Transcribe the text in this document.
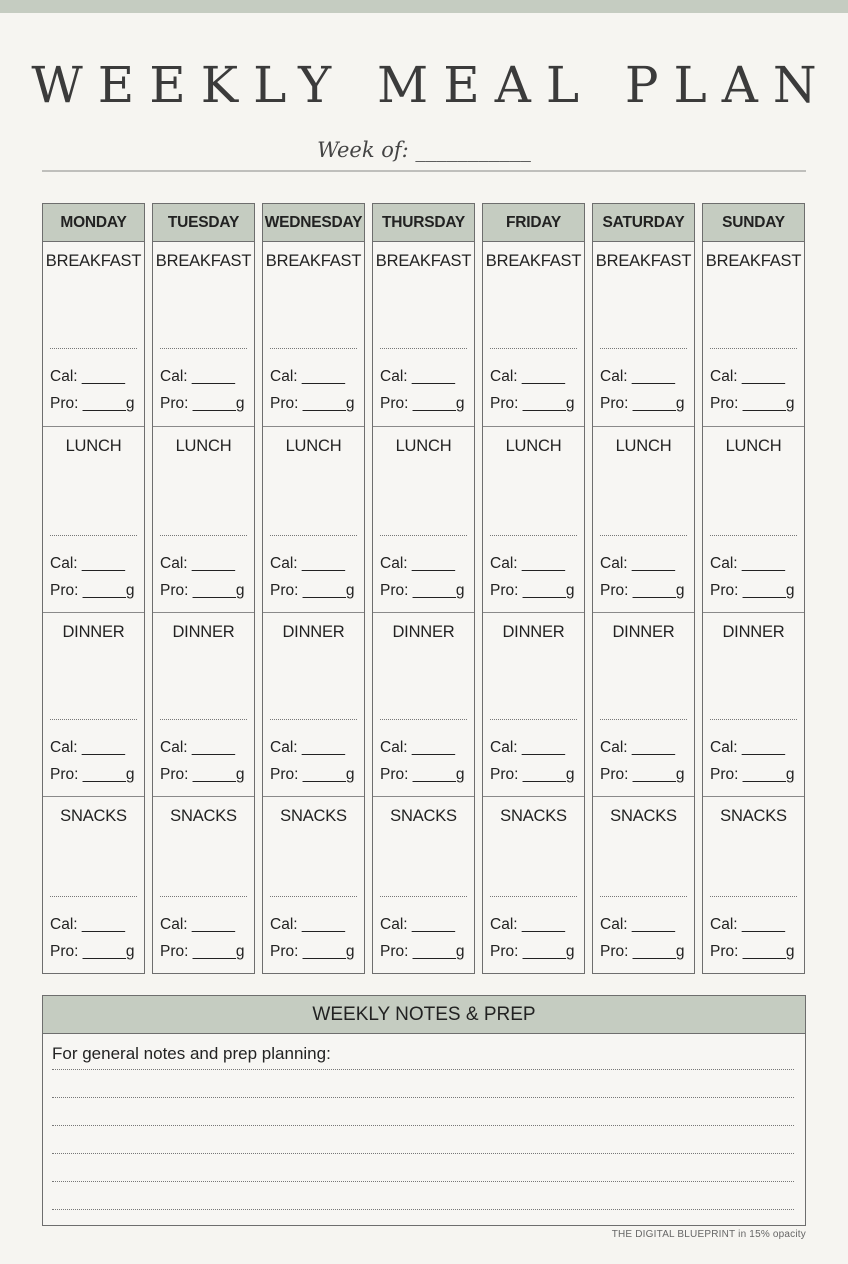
WEEKLY MEAL PLAN
Week of: ___________
MONDAY
BREAKFAST
Cal: _____
Pro: _____g
LUNCH
Cal: _____
Pro: _____g
DINNER
Cal: _____
Pro: _____g
SNACKS
Cal: _____
Pro: _____g
TUESDAY
BREAKFAST
Cal: _____
Pro: _____g
LUNCH
Cal: _____
Pro: _____g
DINNER
Cal: _____
Pro: _____g
SNACKS
Cal: _____
Pro: _____g
WEDNESDAY
BREAKFAST
Cal: _____
Pro: _____g
LUNCH
Cal: _____
Pro: _____g
DINNER
Cal: _____
Pro: _____g
SNACKS
Cal: _____
Pro: _____g
THURSDAY
BREAKFAST
Cal: _____
Pro: _____g
LUNCH
Cal: _____
Pro: _____g
DINNER
Cal: _____
Pro: _____g
SNACKS
Cal: _____
Pro: _____g
FRIDAY
BREAKFAST
Cal: _____
Pro: _____g
LUNCH
Cal: _____
Pro: _____g
DINNER
Cal: _____
Pro: _____g
SNACKS
Cal: _____
Pro: _____g
SATURDAY
BREAKFAST
Cal: _____
Pro: _____g
LUNCH
Cal: _____
Pro: _____g
DINNER
Cal: _____
Pro: _____g
SNACKS
Cal: _____
Pro: _____g
SUNDAY
BREAKFAST
Cal: _____
Pro: _____g
LUNCH
Cal: _____
Pro: _____g
DINNER
Cal: _____
Pro: _____g
SNACKS
Cal: _____
Pro: _____g
WEEKLY NOTES & PREP
For general notes and prep planning:
THE DIGITAL BLUEPRINT in 15% opacity
